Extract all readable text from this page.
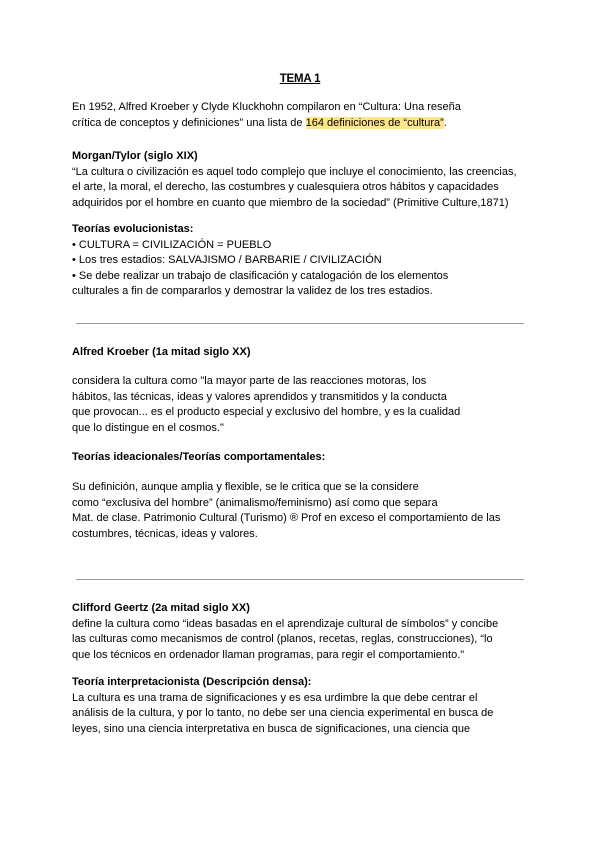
TEMA 1
En 1952, Alfred Kroeber y Clyde Kluckhohn compilaron en “Cultura: Una reseña
crítica de conceptos y definiciones” una lista de 164 definiciones de “cultura”.
Morgan/Tylor (siglo XIX)
“La cultura o civilización es aquel todo complejo que incluye el conocimiento, las creencias,
el arte, la moral, el derecho, las costumbres y cualesquiera otros hábitos y capacidades
adquiridos por el hombre en cuanto que miembro de la sociedad” (Primitive Culture,1871)
Teorías evolucionistas:
• CULTURA = CIVILIZACIÓN = PUEBLO
• Los tres estadios: SALVAJISMO / BARBARIE / CIVILIZACIÓN
• Se debe realizar un trabajo de clasificación y catalogación de los elementos
culturales a fin de compararlos y demostrar la validez de los tres estadios.
Alfred Kroeber (1a mitad siglo XX)
considera la cultura como "la mayor parte de las reacciones motoras, los
hábitos, las técnicas, ideas y valores aprendidos y transmitidos y la conducta
que provocan... es el producto especial y exclusivo del hombre, y es la cualidad
que lo distingue en el cosmos."
Teorías ideacionales/Teorías comportamentales:
Su definición, aunque amplia y flexible, se le critica que se la considere
como “exclusiva del hombre” (animalismo/feminismo) así como que separa
Mat. de clase. Patrimonio Cultural (Turismo) ® Prof en exceso el comportamiento de las
costumbres, técnicas, ideas y valores.
Clifford Geertz (2a mitad siglo XX)
define la cultura como “ideas basadas en el aprendizaje cultural de símbolos” y concibe
las culturas como mecanismos de control (planos, recetas, reglas, construcciones), “lo
que los técnicos en ordenador llaman programas, para regir el comportamiento."
Teoría interpretacionista (Descripción densa):
La cultura es una trama de significaciones y es esa urdimbre la que debe centrar el
análisis de la cultura, y por lo tanto, no debe ser una ciencia experimental en busca de
leyes, sino una ciencia interpretativa en busca de significaciones, una ciencia que
